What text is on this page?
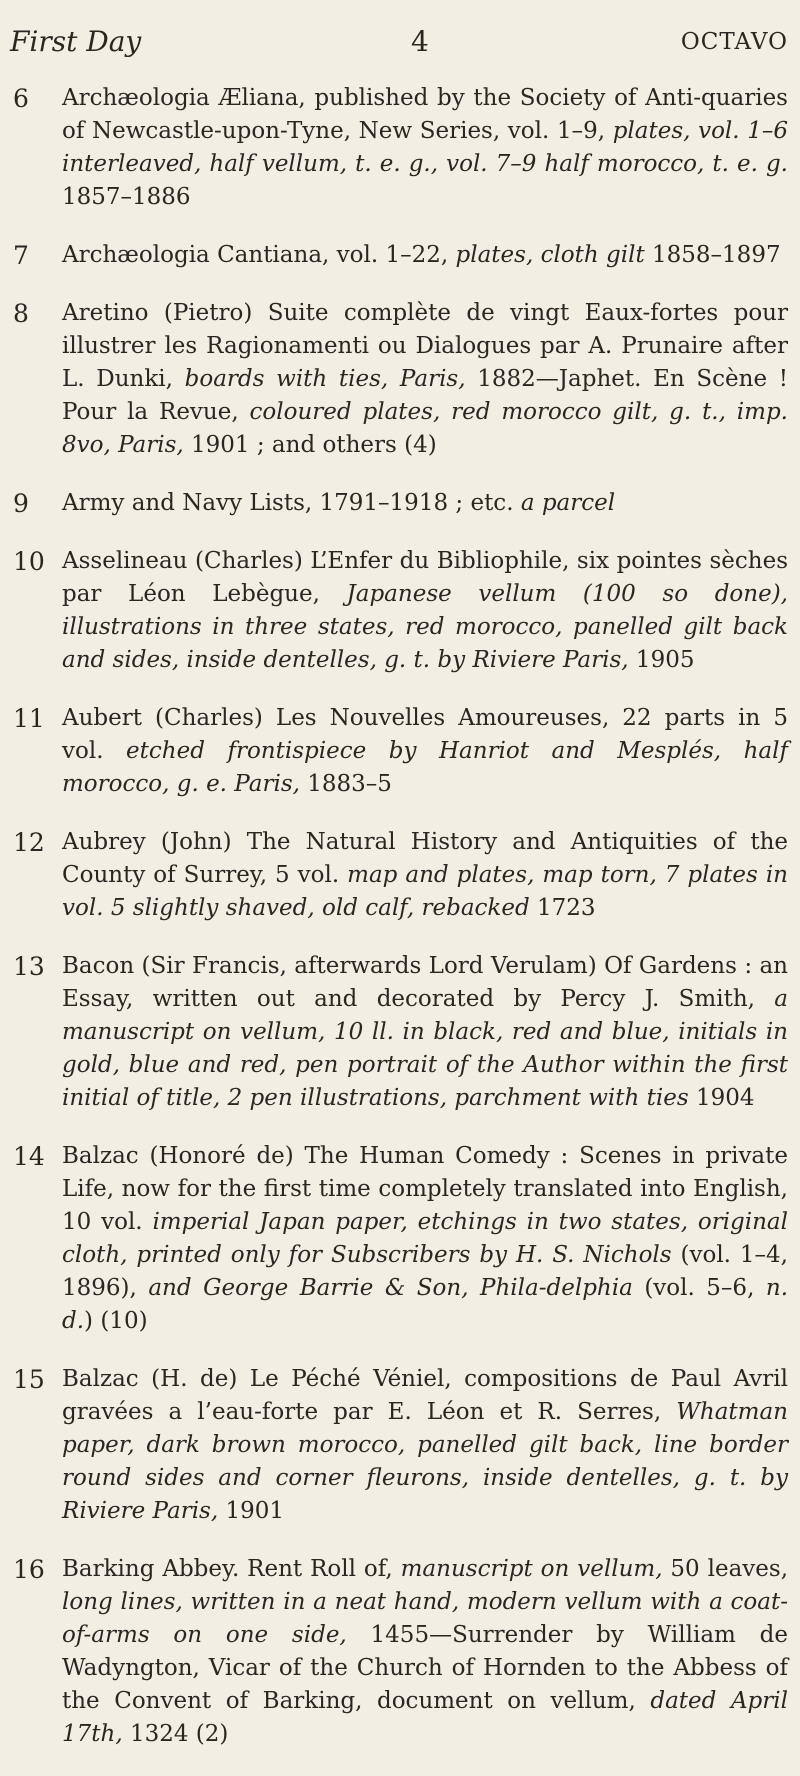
First Day	4	OCTAVO
6	Archæologia Æliana, published by the Society of Anti-quaries of Newcastle-upon-Tyne, New Series, vol. 1–9, plates, vol. 1–6 interleaved, half vellum, t. e. g., vol. 7–9 half morocco, t. e. g. 1857–1886
7	Archæologia Cantiana, vol. 1–22, plates, cloth gilt 1858–1897
8	Aretino (Pietro) Suite complète de vingt Eaux-fortes pour illustrer les Ragionamenti ou Dialogues par A. Prunaire after L. Dunki, boards with ties, Paris, 1882—Japhet. En Scène ! Pour la Revue, coloured plates, red morocco gilt, g. t., imp. 8vo, Paris, 1901 ; and others (4)
9	Army and Navy Lists, 1791–1918 ; etc. a parcel
10 Asselineau (Charles) L’Enfer du Bibliophile, six pointes sèches par Léon Lebègue, Japanese vellum (100 so done), illustrations in three states, red morocco, panelled gilt back and sides, inside dentelles, g. t. by Riviere Paris, 1905
11 Aubert (Charles) Les Nouvelles Amoureuses, 22 parts in 5 vol. etched frontispiece by Hanriot and Mesplés, half morocco, g. e. Paris, 1883–5
12 Aubrey (John) The Natural History and Antiquities of the County of Surrey, 5 vol. map and plates, map torn, 7 plates in vol. 5 slightly shaved, old calf, rebacked 1723
13 Bacon (Sir Francis, afterwards Lord Verulam) Of Gardens : an Essay, written out and decorated by Percy J. Smith, a manuscript on vellum, 10 ll. in black, red and blue, initials in gold, blue and red, pen portrait of the Author within the first initial of title, 2 pen illustrations, parchment with ties 1904
14 Balzac (Honoré de) The Human Comedy : Scenes in private Life, now for the first time completely translated into English, 10 vol. imperial Japan paper, etchings in two states, original cloth, printed only for Subscribers by H. S. Nichols (vol. 1–4, 1896), and George Barrie & Son, Phila-delphia (vol. 5–6, n. d.) (10)
15 Balzac (H. de) Le Péché Véniel, compositions de Paul Avril gravées a l’eau-forte par E. Léon et R. Serres, Whatman paper, dark brown morocco, panelled gilt back, line border round sides and corner fleurons, inside dentelles, g. t. by Riviere Paris, 1901
16 Barking Abbey. Rent Roll of, manuscript on vellum, 50 leaves, long lines, written in a neat hand, modern vellum with a coat-of-arms on one side, 1455—Surrender by William de Wadyngton, Vicar of the Church of Hornden to the Abbess of the Convent of Barking, document on vellum, dated April 17th, 1324 (2)
